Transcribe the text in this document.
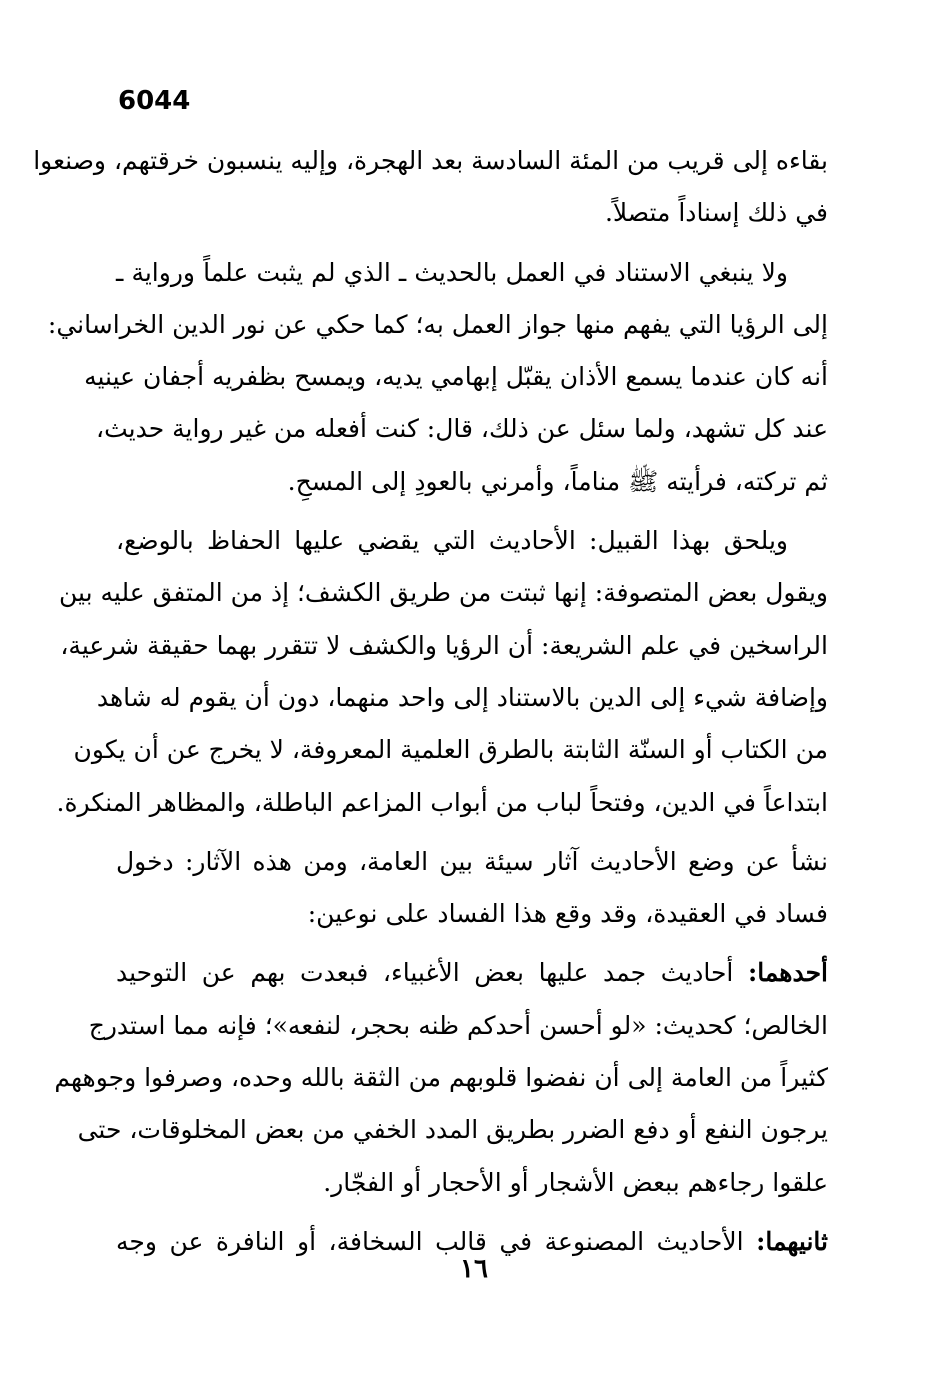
6044
بقاءه إلى قريب من المئة السادسة بعد الهجرة، وإليه ينسبون خرقتهم، وصنعوا
في ذلك إسناداً متصلاً.
ولا ينبغي الاستناد في العمل بالحديث ـ الذي لم يثبت علماً ورواية ـ
إلى الرؤيا التي يفهم منها جواز العمل به؛ كما حكي عن نور الدين الخراساني:
أنه كان عندما يسمع الأذان يقبّل إبهامي يديه، ويمسح بظفريه أجفان عينيه
عند كل تشهد، ولما سئل عن ذلك، قال: كنت أفعله من غير رواية حديث،
ثم تركته، فرأيته ﷺ مناماً، وأمرني بالعودِ إلى المسحِ.
ويلحق بهذا القبيل: الأحاديث التي يقضي عليها الحفاظ بالوضع،
ويقول بعض المتصوفة: إنها ثبتت من طريق الكشف؛ إذ من المتفق عليه بين
الراسخين في علم الشريعة: أن الرؤيا والكشف لا تتقرر بهما حقيقة شرعية،
وإضافة شيء إلى الدين بالاستناد إلى واحد منهما، دون أن يقوم له شاهد
من الكتاب أو السنّة الثابتة بالطرق العلمية المعروفة، لا يخرج عن أن يكون
ابتداعاً في الدين، وفتحاً لباب من أبواب المزاعم الباطلة، والمظاهر المنكرة.
نشأ عن وضع الأحاديث آثار سيئة بين العامة، ومن هذه الآثار: دخول
فساد في العقيدة، وقد وقع هذا الفساد على نوعين:
أحدهما: أحاديث جمد عليها بعض الأغبياء، فبعدت بهم عن التوحيد
الخالص؛ كحديث: «لو أحسن أحدكم ظنه بحجر، لنفعه»؛ فإنه مما استدرج
كثيراً من العامة إلى أن نفضوا قلوبهم من الثقة بالله وحده، وصرفوا وجوههم
يرجون النفع أو دفع الضرر بطريق المدد الخفي من بعض المخلوقات، حتى
علقوا رجاءهم ببعض الأشجار أو الأحجار أو الفجّار.
ثانيهما: الأحاديث المصنوعة في قالب السخافة، أو النافرة عن وجه
١٦
